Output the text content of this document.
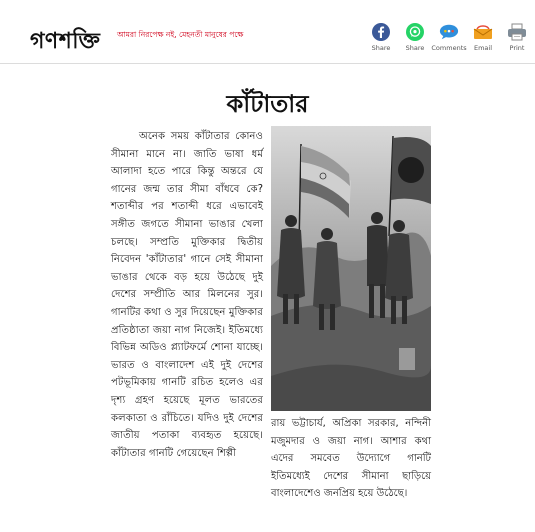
গণশক্তি আমরা নিরপেক্ষ নই, মেহনতী মানুষের পক্ষে
Share Share Comments Email	Print
কাঁটাতার

অনেক সময় কাঁটাতার কোনও সীমানা মানে না। জাতি ভাষা ধর্ম আলাদা হতে পারে কিন্তু অন্তরে যে গানের জন্ম তার সীমা বাঁধবে কে? শতাব্দীর পর শতাব্দী ধরে এভাবেই সঙ্গীত জগতে সীমানা ভাঙার খেলা চলছে। সম্প্রতি মুক্তিকার দ্বিতীয় নিবেদন 'কাঁটাতার' গানে সেই সীমানা ভাঙার থেকে বড় হয়ে উঠেছে দুই দেশের সম্প্রীতি আর মিলনের সুর। গানটির কথা ও সুর দিয়েছেন মুক্তিকার প্রতিষ্ঠাতা জয়া নাগ নিজেই। ইতিমধ্যে বিভিন্ন অডিও প্ল্যাটফর্মে শোনা যাচ্ছে। ভারত ও বাংলাদেশ এই দুই দেশের পটভূমিকায় গানটি রচিত হলেও এর দৃশ্য গ্রহণ হয়েছে মূলত ভারতের কলকাতা ও রাঁচিতে। যদিও দুই দেশের জাতীয় পতাকা ব্যবহৃত হয়েছে। কাঁটাতার গানটি গেয়েছেন শিল্পী

রায় ভট্টাচার্য, অপ্রিকা সরকার, নন্দিনী মজুমদার ও জয়া নাগ। আশার কথা এদের সমবেত উদ্যোগে গানটি ইতিমধ্যেই দেশের সীমানা ছাড়িয়ে বাংলাদেশেও জনপ্রিয় হয়ে উঠেছে।
